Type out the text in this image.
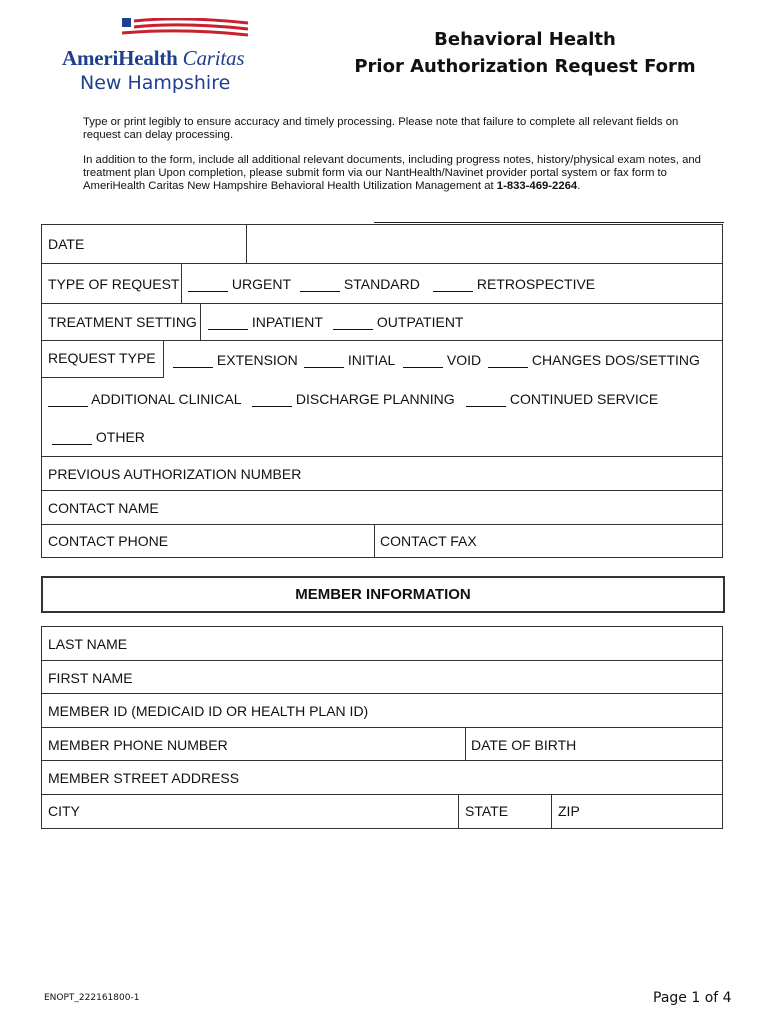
AmeriHealth Caritas
New Hampshire
Behavioral Health
Prior Authorization Request Form

Type or print legibly to ensure accuracy and timely processing. Please note that failure to complete all relevant fields on request can delay processing.

In addition to the form, include all additional relevant documents, including progress notes, history/physical exam notes, and treatment plan Upon completion, please submit form via our NantHealth/Navinet provider portal system or fax form to AmeriHealth Caritas New Hampshire Behavioral Health Utilization Management at 1-833-469-2264.

DATE
TYPE OF REQUEST	URGENT	STANDARD	RETROSPECTIVE
TREATMENT SETTING	INPATIENT	OUTPATIENT
REQUEST TYPE	EXTENSION	INITIAL	VOID	CHANGES DOS/SETTING
ADDITIONAL CLINICAL	DISCHARGE PLANNING	CONTINUED SERVICE
OTHER
PREVIOUS AUTHORIZATION NUMBER
CONTACT NAME
CONTACT PHONE	CONTACT FAX
MEMBER INFORMATION
LAST NAME
FIRST NAME
MEMBER ID (MEDICAID ID OR HEALTH PLAN ID)
MEMBER PHONE NUMBER	DATE OF BIRTH
MEMBER STREET ADDRESS
CITY	STATE	ZIP
ENOPT_222161800-1	Page 1 of 4
